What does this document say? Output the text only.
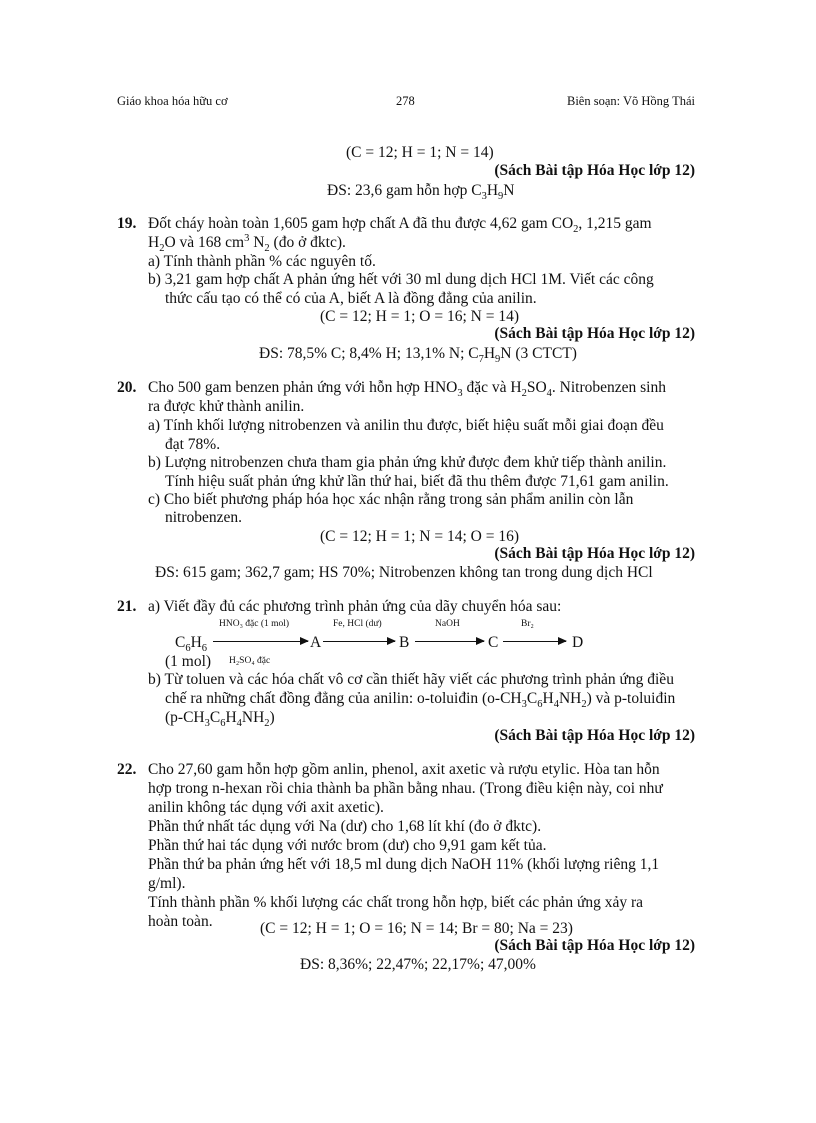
Giáo khoa hóa hữu cơ	278	Biên soạn: Võ Hồng Thái
(C = 12; H = 1; N = 14)
(Sách Bài tập Hóa Học lớp 12)
ĐS: 23,6 gam hỗn hợp $C_3H_9N$
19. Đốt cháy hoàn toàn 1,605 gam hợp chất A đã thu được 4,62 gam $CO_2$, 1,215 gam
$H_2O$ và 168 $cm^3$ $N_2$ (đo ở đktc).
a) Tính thành phần % các nguyên tố.
b) 3,21 gam hợp chất A phản ứng hết với 30 ml dung dịch HCl 1M. Viết các công
thức cấu tạo có thể có của A, biết A là đồng đẳng của anilin.
(C = 12; H = 1; O = 16; N = 14)
(Sách Bài tập Hóa Học lớp 12)
ĐS: 78,5% C; 8,4% H; 13,1% N; $C_7H_9N$ (3 CTCT)
20. Cho 500 gam benzen phản ứng với hỗn hợp $HNO_3$ đặc và $H_2SO_4$. Nitrobenzen sinh
ra được khử thành anilin.
a) Tính khối lượng nitrobenzen và anilin thu được, biết hiệu suất mỗi giai đoạn đều
đạt 78%.
b) Lượng nitrobenzen chưa tham gia phản ứng khử được đem khử tiếp thành anilin.
Tính hiệu suất phản ứng khử lần thứ hai, biết đã thu thêm được 71,61 gam anilin.
c) Cho biết phương pháp hóa học xác nhận rằng trong sản phẩm anilin còn lẫn
nitrobenzen.
(C = 12; H = 1; N = 14; O = 16)
(Sách Bài tập Hóa Học lớp 12)
ĐS: 615 gam; 362,7 gam; HS 70%; Nitrobenzen không tan trong dung dịch HCl
21. a) Viết đầy đủ các phương trình phản ứng của dãy chuyển hóa sau:
HNO₃ đặc (1 mol)	Fe, HCl (dư)	NaOH	Br₂
$C_6H_6$	A	B	C → D
(1 mol) H₂SO₄ đặc
b) Từ toluen và các hóa chất vô cơ cần thiết hãy viết các phương trình phản ứng điều
chế ra những chất đồng đẳng của anilin: o-toluiđin $(o-CH_3C_6H_4NH_2)$ và p-toluiđin
$(p-CH_3C_6H_4NH_2)$
(Sách Bài tập Hóa Học lớp 12)
22. Cho 27,60 gam hỗn hợp gồm anlin, phenol, axit axetic và rượu etylic. Hòa tan hỗn
hợp trong n-hexan rồi chia thành ba phần bằng nhau. (Trong điều kiện này, coi như
anilin không tác dụng với axit axetic).
Phần thứ nhất tác dụng với Na (dư) cho 1,68 lít khí (đo ở đktc).
Phần thứ hai tác dụng với nước brom (dư) cho 9,91 gam kết tủa.
Phần thứ ba phản ứng hết với 18,5 ml dung dịch NaOH 11% (khối lượng riêng 1,1
g/ml).
Tính thành phần % khối lượng các chất trong hỗn hợp, biết các phản ứng xảy ra
hoàn toàn.	(C = 12; H = 1; O = 16; N = 14; Br = 80; Na = 23)
(Sách Bài tập Hóa Học lớp 12)
ĐS: 8,36%; 22,47%; 22,17%; 47,00%
